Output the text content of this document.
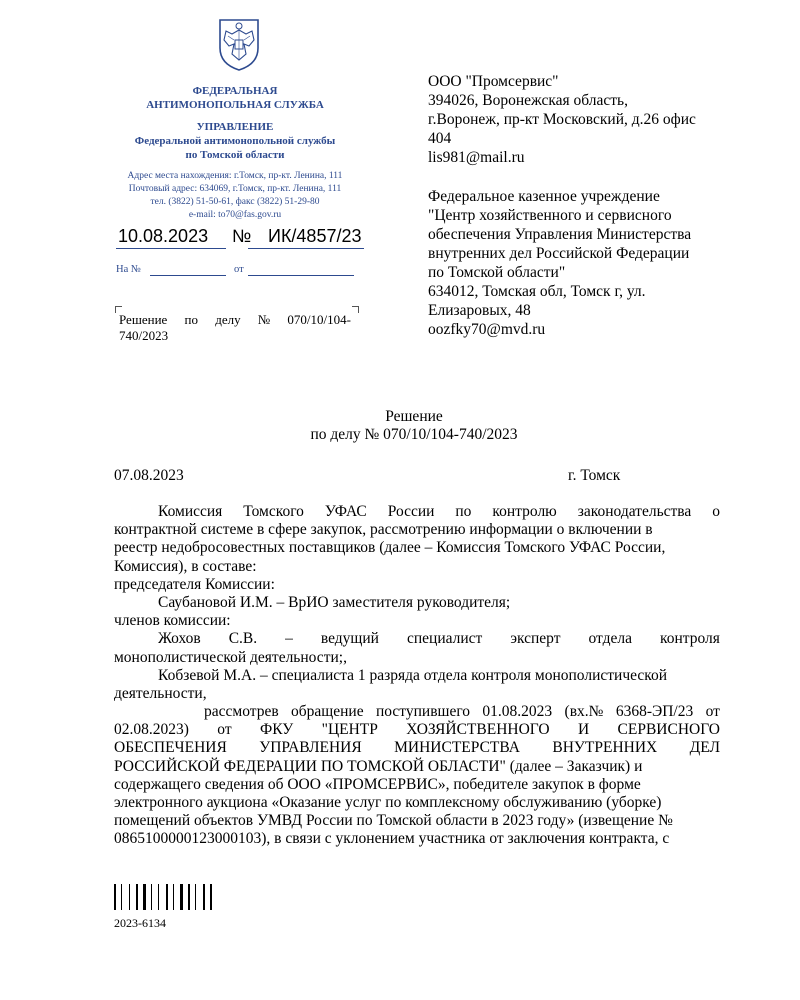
ФЕДЕРАЛЬНАЯ
АНТИМОНОПОЛЬНАЯ СЛУЖБА
УПРАВЛЕНИЕ
Федеральной антимонопольной службы
по Томской области
Адрес места нахождения: г.Томск, пр-кт. Ленина, 111
Почтовый адрес: 634069, г.Томск, пр-кт. Ленина, 111
тел. (3822) 51-50-61, факс (3822) 51-29-80
e-mail: to70@fas.gov.ru
10.08.2023	№ ИК/4857/23
На №	от
Решение по делу № 070/10/104-
740/2023
ООО "Промсервис"
394026, Воронежская область,
г.Воронеж, пр-кт Московский, д.26 офис
404
lis981@mail.ru
Федеральное казенное учреждение
"Центр хозяйственного и сервисного
обеспечения Управления Министерства
внутренних дел Российской Федерации
по Томской области"
634012, Томская обл, Томск г, ул.
Елизаровых, 48
oozfky70@mvd.ru
Решение
по делу № 070/10/104-740/2023
07.08.2023	г. Томск
Комиссия Томского УФАС России по контролю законодательства о
контрактной системе в сфере закупок, рассмотрению информации о включении в
реестр недобросовестных поставщиков (далее – Комиссия Томского УФАС России,
Комиссия), в составе:
председателя Комиссии:
Саубановой И.М. – ВрИО заместителя руководителя;
членов комиссии:
Жохов С.В. – ведущий специалист эксперт отдела контроля
монополистической деятельности;,
Кобзевой М.А. – специалиста 1 разряда отдела контроля монополистической
деятельности,
рассмотрев обращение поступившего 01.08.2023 (вх.№ 6368-ЭП/23 от
02.08.2023) от ФКУ "ЦЕНТР ХОЗЯЙСТВЕННОГО И СЕРВИСНОГО
ОБЕСПЕЧЕНИЯ УПРАВЛЕНИЯ МИНИСТЕРСТВА ВНУТРЕННИХ ДЕЛ
РОССИЙСКОЙ ФЕДЕРАЦИИ ПО ТОМСКОЙ ОБЛАСТИ" (далее – Заказчик) и
содержащего сведения об ООО «ПРОМСЕРВИС», победителе закупок в форме
электронного аукциона «Оказание услуг по комплексному обслуживанию (уборке)
помещений объектов УМВД России по Томской области в 2023 году» (извещение №
0865100000123000103), в связи с уклонением участника от заключения контракта, с
2023-6134
